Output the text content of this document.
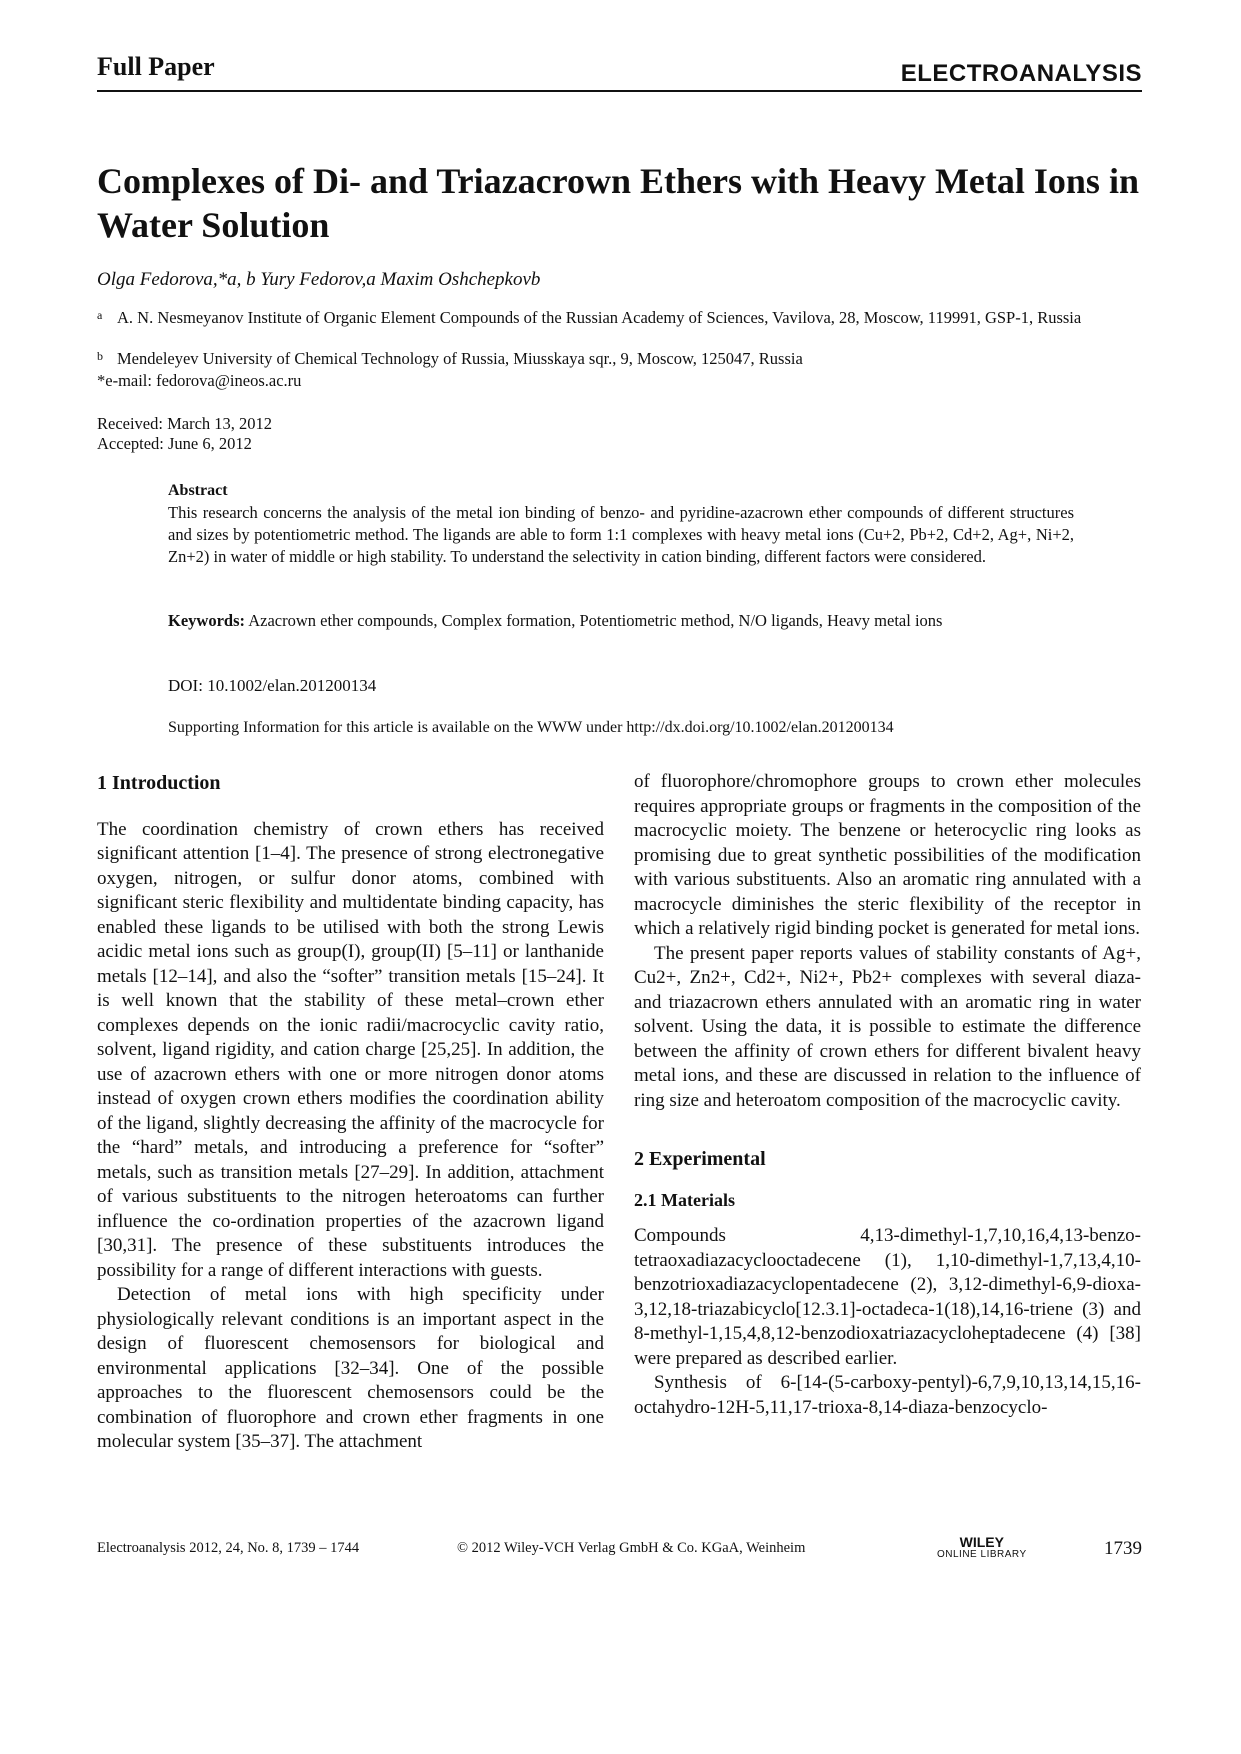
Full Paper	ELECTROANALYSIS
Complexes of Di- and Triazacrown Ethers with Heavy Metal Ions in Water Solution
Olga Fedorova,*a, b Yury Fedorov,a Maxim Oshchepkovb
a A. N. Nesmeyanov Institute of Organic Element Compounds of the Russian Academy of Sciences, Vavilova, 28, Moscow, 119991, GSP-1, Russia
b Mendeleyev University of Chemical Technology of Russia, Miusskaya sqr., 9, Moscow, 125047, Russia
*e-mail: fedorova@ineos.ac.ru
Received: March 13, 2012
Accepted: June 6, 2012
Abstract
This research concerns the analysis of the metal ion binding of benzo- and pyridine-azacrown ether compounds of different structures and sizes by potentiometric method. The ligands are able to form 1:1 complexes with heavy metal ions (Cu+2, Pb+2, Cd+2, Ag+, Ni+2, Zn+2) in water of middle or high stability. To understand the selectivity in cation binding, different factors were considered.
Keywords: Azacrown ether compounds, Complex formation, Potentiometric method, N/O ligands, Heavy metal ions
DOI: 10.1002/elan.201200134
Supporting Information for this article is available on the WWW under http://dx.doi.org/10.1002/elan.201200134

1 Introduction

The coordination chemistry of crown ethers has received significant attention [1–4]. The presence of strong electronegative oxygen, nitrogen, or sulfur donor atoms, combined with significant steric flexibility and multidentate binding capacity, has enabled these ligands to be utilised with both the strong Lewis acidic metal ions such as group(I), group(II) [5–11] or lanthanide metals [12–14], and also the “softer” transition metals [15–24]. It is well known that the stability of these metal–crown ether complexes depends on the ionic radii/macrocyclic cavity ratio, solvent, ligand rigidity, and cation charge [25,25]. In addition, the use of azacrown ethers with one or more nitrogen donor atoms instead of oxygen crown ethers modifies the coordination ability of the ligand, slightly decreasing the affinity of the macrocycle for the “hard” metals, and introducing a preference for “softer” metals, such as transition metals [27–29]. In addition, attachment of various substituents to the nitrogen heteroatoms can further influence the co-ordination properties of the azacrown ligand [30,31]. The presence of these substituents introduces the possibility for a range of different interactions with guests.

Detection of metal ions with high specificity under physiologically relevant conditions is an important aspect in the design of fluorescent chemosensors for biological and environmental applications [32–34]. One of the possible approaches to the fluorescent chemosensors could be the combination of fluorophore and crown ether fragments in one molecular system [35–37]. The attachment

of fluorophore/chromophore groups to crown ether molecules requires appropriate groups or fragments in the composition of the macrocyclic moiety. The benzene or heterocyclic ring looks as promising due to great synthetic possibilities of the modification with various substituents. Also an aromatic ring annulated with a macrocycle diminishes the steric flexibility of the receptor in which a relatively rigid binding pocket is generated for metal ions.

The present paper reports values of stability constants of Ag+, Cu2+, Zn2+, Cd2+, Ni2+, Pb2+ complexes with several diaza- and triazacrown ethers annulated with an aromatic ring in water solvent. Using the data, it is possible to estimate the difference between the affinity of crown ethers for different bivalent heavy metal ions, and these are discussed in relation to the influence of ring size and heteroatom composition of the macrocyclic cavity.

2 Experimental

2.1 Materials

Compounds 4,13-dimethyl-1,7,10,16,4,13-benzo-tetraoxadiazacyclooctadecene (1), 1,10-dimethyl-1,7,13,4,10-benzotrioxadiazacyclopentadecene (2), 3,12-dimethyl-6,9-dioxa-3,12,18-triazabicyclo[12.3.1]-octadeca-1(18),14,16-triene (3) and 8-methyl-1,15,4,8,12-benzodioxatriazacycloheptadecene (4) [38] were prepared as described earlier.

Synthesis of 6-[14-(5-carboxy-pentyl)-6,7,9,10,13,14,15,16-octahydro-12H-5,11,17-trioxa-8,14-diaza-benzocyclo-

Electroanalysis 2012, 24, No. 8, 1739 – 1744	© 2012 Wiley-VCH Verlag GmbH & Co. KGaA, Weinheim	WILEY
ONLINE LIBRARY	1739
